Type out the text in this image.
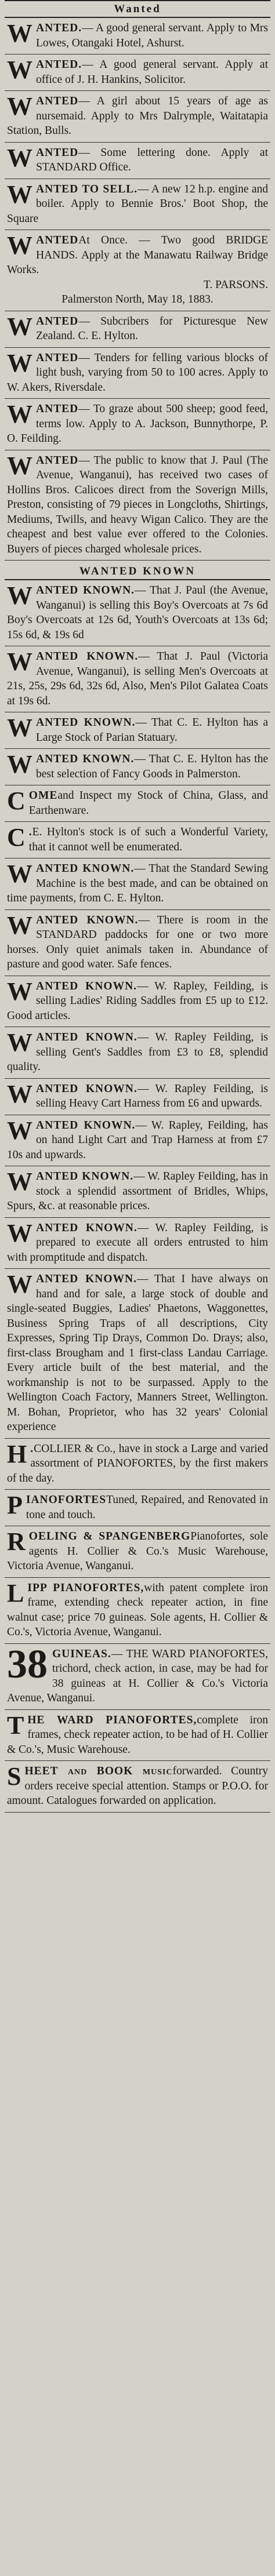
Wanted
WANTED.— A good general servant. Apply to Mrs Lowes, Otangaki Hotel, Ashurst.
WANTED.— A good general servant. Apply at office of J. H. Hankins, Solicitor.
WANTED— A girl about 15 years of age as nursemaid. Apply to Mrs Dalrymple, Waitatapia Station, Bulls.
WANTED— Some lettering done. Apply at STANDARD Office.
WANTED TO SELL.— A new 12 h.p. engine and boiler. Apply to Bennie Bros.' Boot Shop, the Square
WANTEDAt Once. — Two good BRIDGE HANDS. Apply at the Manawatu Railway Bridge Works.
T. PARSONS.
Palmerston North, May 18, 1883.
WANTED— Subcribers for Picturesque New Zealand. C. E. Hylton.
WANTED— Tenders for felling various blocks of light bush, varying from 50 to 100 acres. Apply to W. Akers, Riversdale.
WANTED— To graze about 500 sheep; good feed, terms low. Apply to A. Jackson, Bunnythorpe, P. O. Feilding.
WANTED— The public to know that J. Paul (The Avenue, Wanganui), has received two cases of Hollins Bros. Calicoes direct from the Soverign Mills, Preston, consisting of 79 pieces in Longcloths, Shirtings, Mediums, Twills, and heavy Wigan Calico. They are the cheapest and best value ever offered to the Colonies. Buyers of pieces charged wholesale prices.
WANTED KNOWN
WANTED KNOWN.— That J. Paul (the Avenue, Wanganui) is selling this Boy's Overcoats at 7s 6d Boy's Overcoats at 12s 6d, Youth's Overcoats at 13s 6d; 15s 6d, & 19s 6d
WANTED KNOWN.— That J. Paul (Victoria Avenue, Wanganui), is selling Men's Overcoats at 21s, 25s, 29s 6d, 32s 6d, Also, Men's Pilot Galatea Coats at 19s 6d.
WANTED KNOWN.— That C. E. Hylton has a Large Stock of Parian Statuary.
WANTED KNOWN.— That C. E. Hylton has the best selection of Fancy Goods in Palmerston.
COMEand Inspect my Stock of China, Glass, and Earthenware.
C .E. Hylton's stock is of such a Wonderful Variety, that it cannot well be enumerated.
WANTED KNOWN.— That the Standard Sewing Machine is the best made, and can be obtained on time payments, from C. E. Hylton.
WANTED KNOWN.— There is room in the STANDARD paddocks for one or two more horses. Only quiet animals taken in. Abundance of pasture and good water. Safe fences.
WANTED KNOWN.— W. Rapley, Feilding, is selling Ladies' Riding Saddles from £5 up to £12. Good articles.
WANTED KNOWN.— W. Rapley Feilding, is selling Gent's Saddles from £3 to £8, splendid quality.
WANTED KNOWN.— W. Rapley Feilding, is selling Heavy Cart Harness from £6 and upwards.
WANTED KNOWN.— W. Rapley, Feilding, has on hand Light Cart and Trap Harness at from £7 10s and upwards.
WANTED KNOWN.— W. Rapley Feilding, has in stock a splendid assortment of Bridles, Whips, Spurs, &c. at reasonable prices.
WANTED KNOWN.— W. Rapley Feilding, is prepared to execute all orders entrusted to him with promptitude and dispatch.
WANTED KNOWN.— That I have always on hand and for sale, a large stock of double and single-seated Buggies, Ladies' Phaetons, Waggonettes, Business Spring Traps of all descriptions, City Expresses, Spring Tip Drays, Common Do. Drays; also, first-class Brougham and 1 first-class Landau Carriage. Every article built of the best material, and the workmanship is not to be surpassed. Apply to the Wellington Coach Factory, Manners Street, Wellington. M. Bohan, Proprietor, who has 32 years' Colonial experience
H .COLLIER & Co., have in stock a Large and varied assortment of PIANOFORTES, by the first makers of the day.
PIANOFORTESTuned, Repaired, and Renovated in tone and touch.
ROELING & SPANGENBERGPianofortes, sole agents H. Collier & Co.'s Music Warehouse, Victoria Avenue, Wanganui.
LIPP PIANOFORTES,with patent complete iron frame, extending check repeater action, in fine walnut case; price 70 guineas. Sole agents, H. Collier & Co.'s, Victoria Avenue, Wanganui.
38 GUINEAS.— THE WARD PIANOFORTES, trichord, check action, in case, may be had for 38 guineas at H. Collier & Co.'s Victoria Avenue, Wanganui.
THE WARD PIANOFORTES,complete iron frames, check repeater action, to be had of H. Collier & Co.'s, Music Warehouse.
SHEET and BOOK musicforwarded. Country orders receive special attention. Stamps or P.O.O. for amount. Catalogues forwarded on application.
